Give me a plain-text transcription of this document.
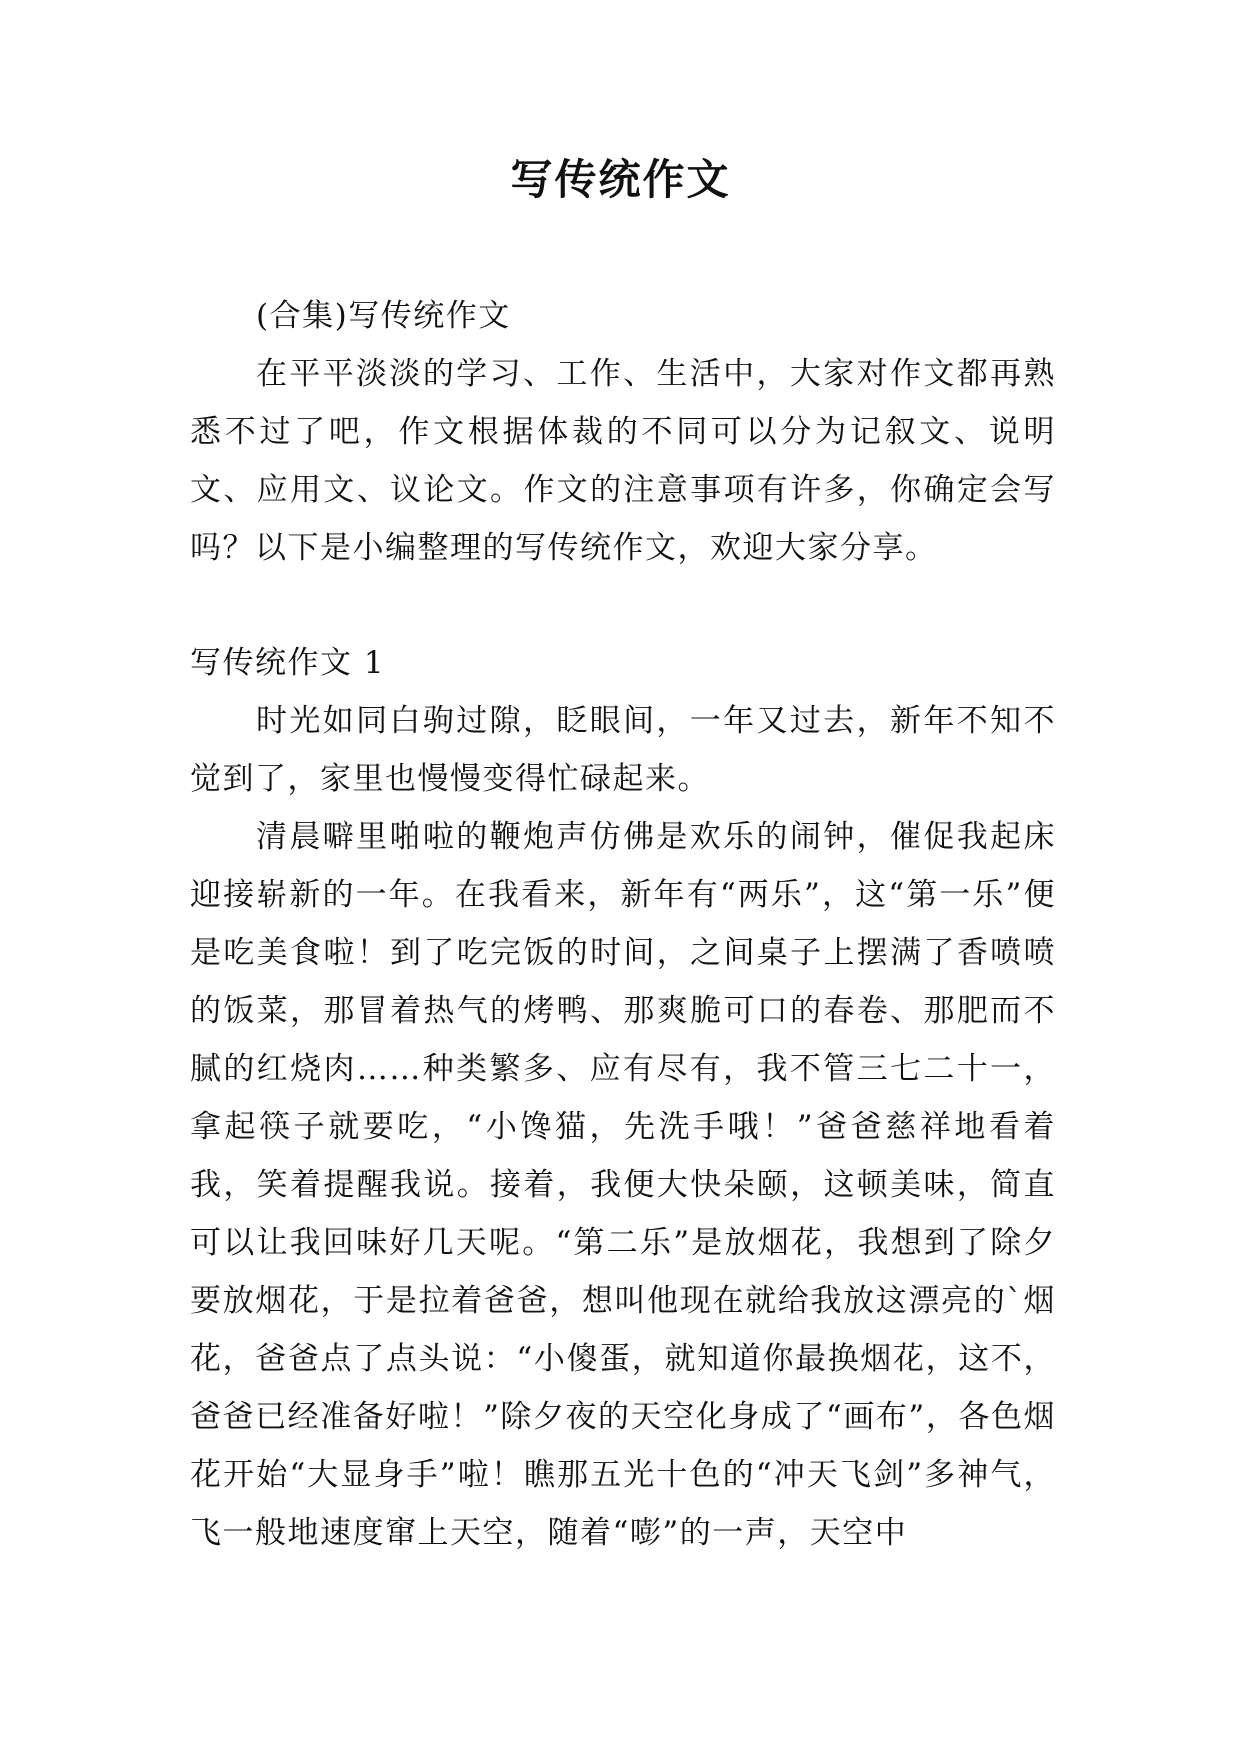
写传统作文

(合集)写传统作文

在平平淡淡的学习、工作、生活中，大家对作文都再熟悉不过了吧，作文根据体裁的不同可以分为记叙文、说明文、应用文、议论文。作文的注意事项有许多，你确定会写吗？以下是小编整理的写传统作文，欢迎大家分享。

写传统作文 1

时光如同白驹过隙，眨眼间，一年又过去，新年不知不觉到了，家里也慢慢变得忙碌起来。

清晨噼里啪啦的鞭炮声仿佛是欢乐的闹钟，催促我起床迎接崭新的一年。在我看来，新年有“两乐”，这“第一乐”便是吃美食啦！到了吃完饭的时间，之间桌子上摆满了香喷喷的饭菜，那冒着热气的烤鸭、那爽脆可口的春卷、那肥而不腻的红烧肉……种类繁多、应有尽有，我不管三七二十一，拿起筷子就要吃，“小馋猫，先洗手哦！”爸爸慈祥地看着我，笑着提醒我说。接着，我便大快朵颐，这顿美味，简直可以让我回味好几天呢。“第二乐”是放烟花，我想到了除夕要放烟花，于是拉着爸爸，想叫他现在就给我放这漂亮的`烟花，爸爸点了点头说：“小傻蛋，就知道你最换烟花，这不，爸爸已经准备好啦！”除夕夜的天空化身成了“画布”，各色烟花开始“大显身手”啦！瞧那五光十色的“冲天飞剑”多神气，飞一般地速度窜上天空，随着“嘭”的一声，天空中
